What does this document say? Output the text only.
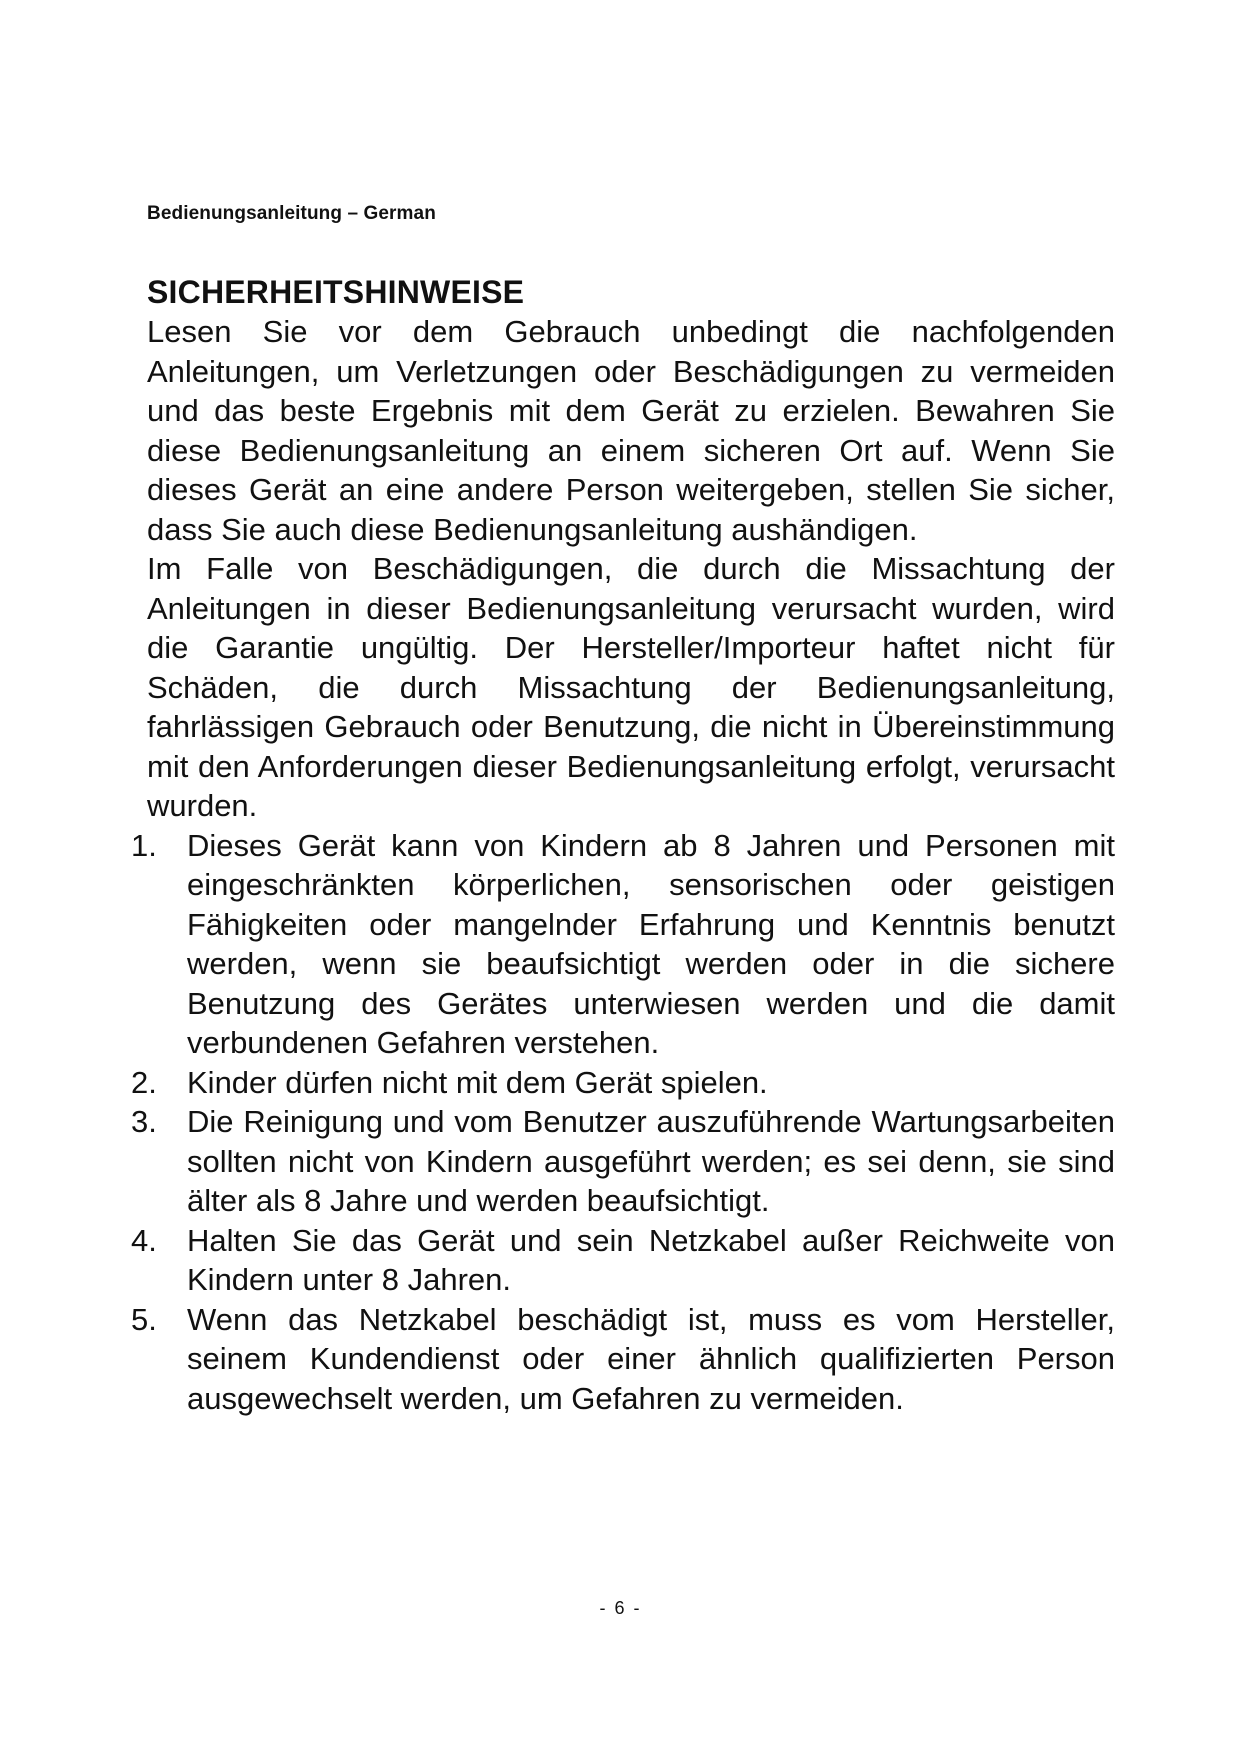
Bedienungsanleitung – German
SICHERHEITSHINWEISE

Lesen Sie vor dem Gebrauch unbedingt die nachfolgenden Anleitungen, um Verletzungen oder Beschädigungen zu vermeiden und das beste Ergebnis mit dem Gerät zu erzielen. Bewahren Sie diese Bedienungsanleitung an einem sicheren Ort auf. Wenn Sie dieses Gerät an eine andere Person weitergeben, stellen Sie sicher, dass Sie auch diese Bedienungsanleitung aushändigen.

Im Falle von Beschädigungen, die durch die Missachtung der Anleitungen in dieser Bedienungsanleitung verursacht wurden, wird die Garantie ungültig. Der Hersteller/Importeur haftet nicht für Schäden, die durch Missachtung der Bedienungsanleitung, fahrlässigen Gebrauch oder Benutzung, die nicht in Übereinstimmung mit den Anforderungen dieser Bedienungsanleitung erfolgt, verursacht wurden.

1. Dieses Gerät kann von Kindern ab 8 Jahren und Personen mit eingeschränkten körperlichen, sensorischen oder geistigen Fähigkeiten oder mangelnder Erfahrung und Kenntnis benutzt werden, wenn sie beaufsichtigt werden oder in die sichere Benutzung des Gerätes unterwiesen werden und die damit verbundenen Gefahren verstehen.
2. Kinder dürfen nicht mit dem Gerät spielen.
3. Die Reinigung und vom Benutzer auszuführende Wartungsarbeiten sollten nicht von Kindern ausgeführt werden; es sei denn, sie sind älter als 8 Jahre und werden beaufsichtigt.
4. Halten Sie das Gerät und sein Netzkabel außer Reichweite von Kindern unter 8 Jahren.
5. Wenn das Netzkabel beschädigt ist, muss es vom Hersteller, seinem Kundendienst oder einer ähnlich qualifizierten Person ausgewechselt werden, um Gefahren zu vermeiden.
- 6 -
